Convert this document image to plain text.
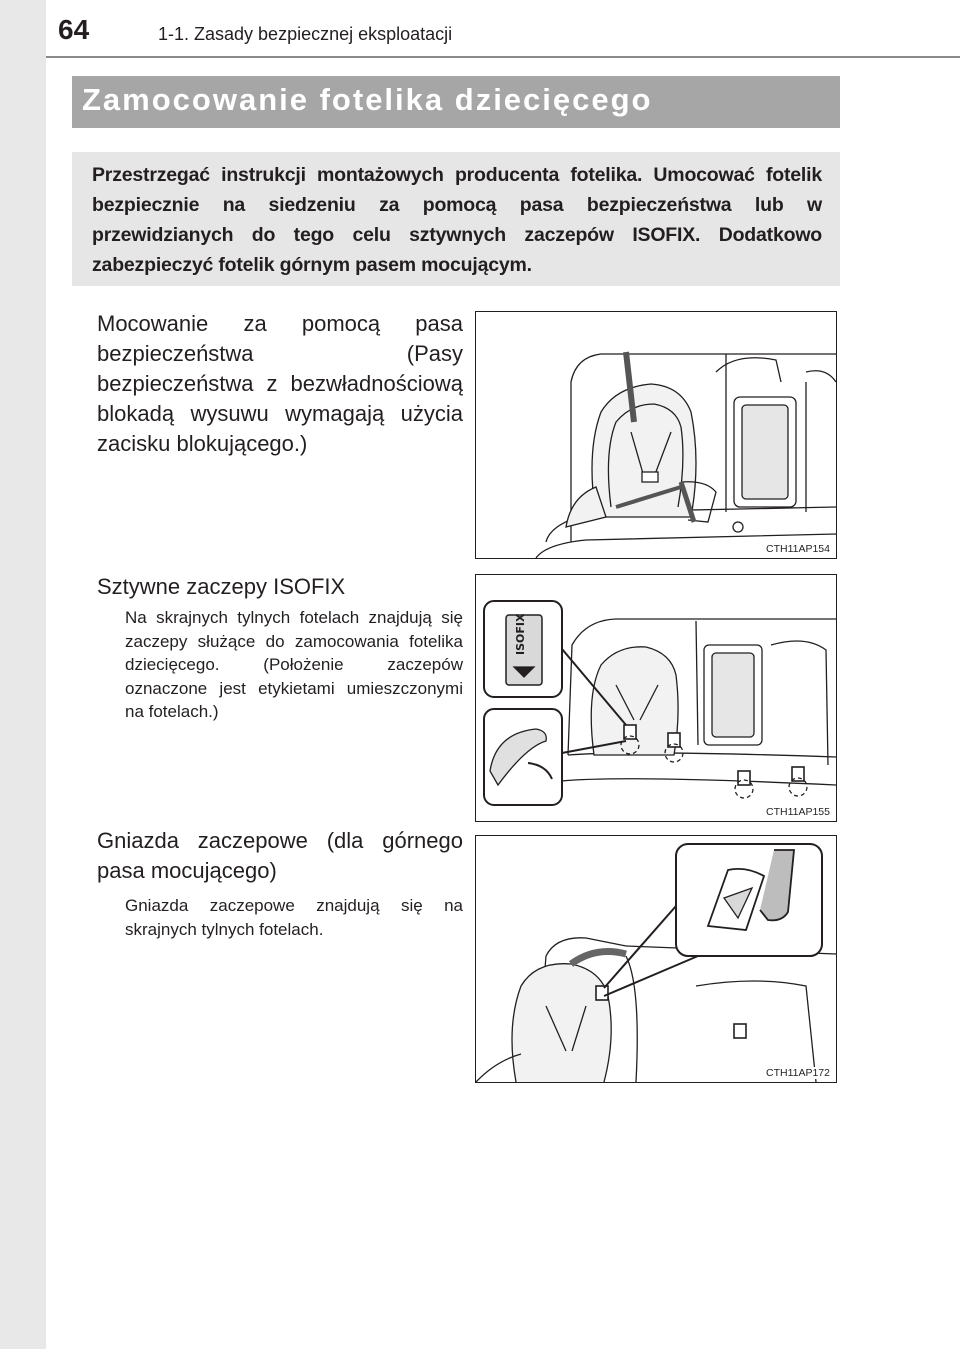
64	1-1. Zasady bezpiecznej eksploatacji
Zamocowanie fotelika dziecięcego
Przestrzegać instrukcji montażowych producenta fotelika. Umocować fotelik bezpiecznie na siedzeniu za pomocą pasa bezpieczeństwa lub w przewidzianych do tego celu sztywnych zaczepów ISOFIX. Dodatkowo zabezpieczyć fotelik górnym pasem mocującym.
Mocowanie za pomocą pasa bezpieczeństwa (Pasy bezpieczeństwa z bezwładnościową blokadą wysuwu wymagają użycia zacisku blokującego.)
CTH11AP154
Sztywne zaczepy ISOFIX
Na skrajnych tylnych fotelach znajdują się zaczepy służące do zamocowania fotelika dziecięcego. (Położenie zaczepów oznaczone jest etykietami umieszczonymi na fotelach.)
ISOFIX
CTH11AP155
Gniazda zaczepowe (dla górnego pasa mocującego)
Gniazda zaczepowe znajdują się na skrajnych tylnych fotelach.
CTH11AP172
